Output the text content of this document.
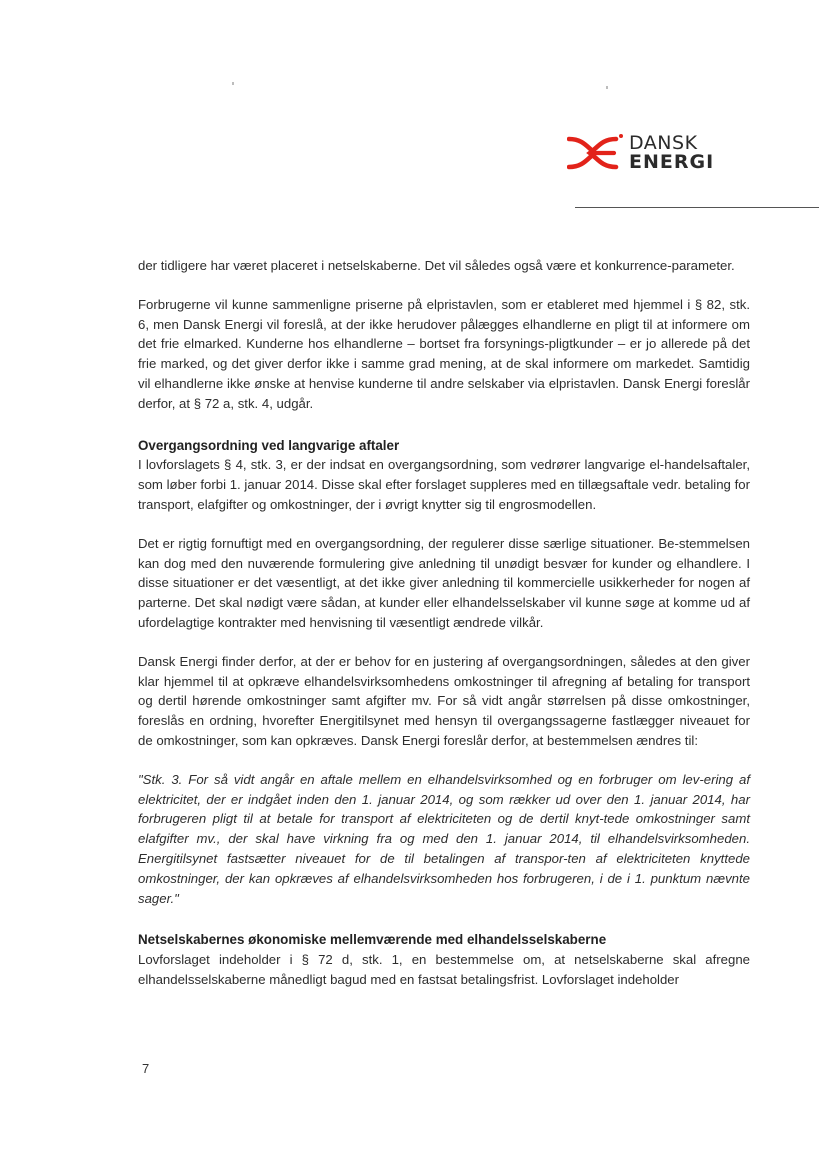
DANSK
ENERGI

der tidligere har været placeret i netselskaberne. Det vil således også være et konkurrence-parameter.

Forbrugerne vil kunne sammenligne priserne på elpristavlen, som er etableret med hjemmel i § 82, stk. 6, men Dansk Energi vil foreslå, at der ikke herudover pålægges elhandlerne en pligt til at informere om det frie elmarked. Kunderne hos elhandlerne – bortset fra forsynings-pligtkunder – er jo allerede på det frie marked, og det giver derfor ikke i samme grad mening, at de skal informere om markedet. Samtidig vil elhandlerne ikke ønske at henvise kunderne til andre selskaber via elpristavlen. Dansk Energi foreslår derfor, at § 72 a, stk. 4, udgår.

Overgangsordning ved langvarige aftaler

I lovforslagets § 4, stk. 3, er der indsat en overgangsordning, som vedrører langvarige el-handelsaftaler, som løber forbi 1. januar 2014. Disse skal efter forslaget suppleres med en tillægsaftale vedr. betaling for transport, elafgifter og omkostninger, der i øvrigt knytter sig til engrosmodellen.

Det er rigtig fornuftigt med en overgangsordning, der regulerer disse særlige situationer. Be-stemmelsen kan dog med den nuværende formulering give anledning til unødigt besvær for kunder og elhandlere. I disse situationer er det væsentligt, at det ikke giver anledning til kommercielle usikkerheder for nogen af parterne. Det skal nødigt være sådan, at kunder eller elhandelsselskaber vil kunne søge at komme ud af ufordelagtige kontrakter med henvisning til væsentligt ændrede vilkår.

Dansk Energi finder derfor, at der er behov for en justering af overgangsordningen, således at den giver klar hjemmel til at opkræve elhandelsvirksomhedens omkostninger til afregning af betaling for transport og dertil hørende omkostninger samt afgifter mv. For så vidt angår størrelsen på disse omkostninger, foreslås en ordning, hvorefter Energitilsynet med hensyn til overgangssagerne fastlægger niveauet for de omkostninger, som kan opkræves. Dansk Energi foreslår derfor, at bestemmelsen ændres til:

"Stk. 3. For så vidt angår en aftale mellem en elhandelsvirksomhed og en forbruger om lev-ering af elektricitet, der er indgået inden den 1. januar 2014, og som rækker ud over den 1. januar 2014, har forbrugeren pligt til at betale for transport af elektriciteten og de dertil knyt-tede omkostninger samt elafgifter mv., der skal have virkning fra og med den 1. januar 2014, til elhandelsvirksomheden. Energitilsynet fastsætter niveauet for de til betalingen af transpor-ten af elektriciteten knyttede omkostninger, der kan opkræves af elhandelsvirksomheden hos forbrugeren, i de i 1. punktum nævnte sager."

Netselskabernes økonomiske mellemværende med elhandelsselskaberne

Lovforslaget indeholder i § 72 d, stk. 1, en bestemmelse om, at netselskaberne skal afregne elhandelsselskaberne månedligt bagud med en fastsat betalingsfrist. Lovforslaget indeholder

7
